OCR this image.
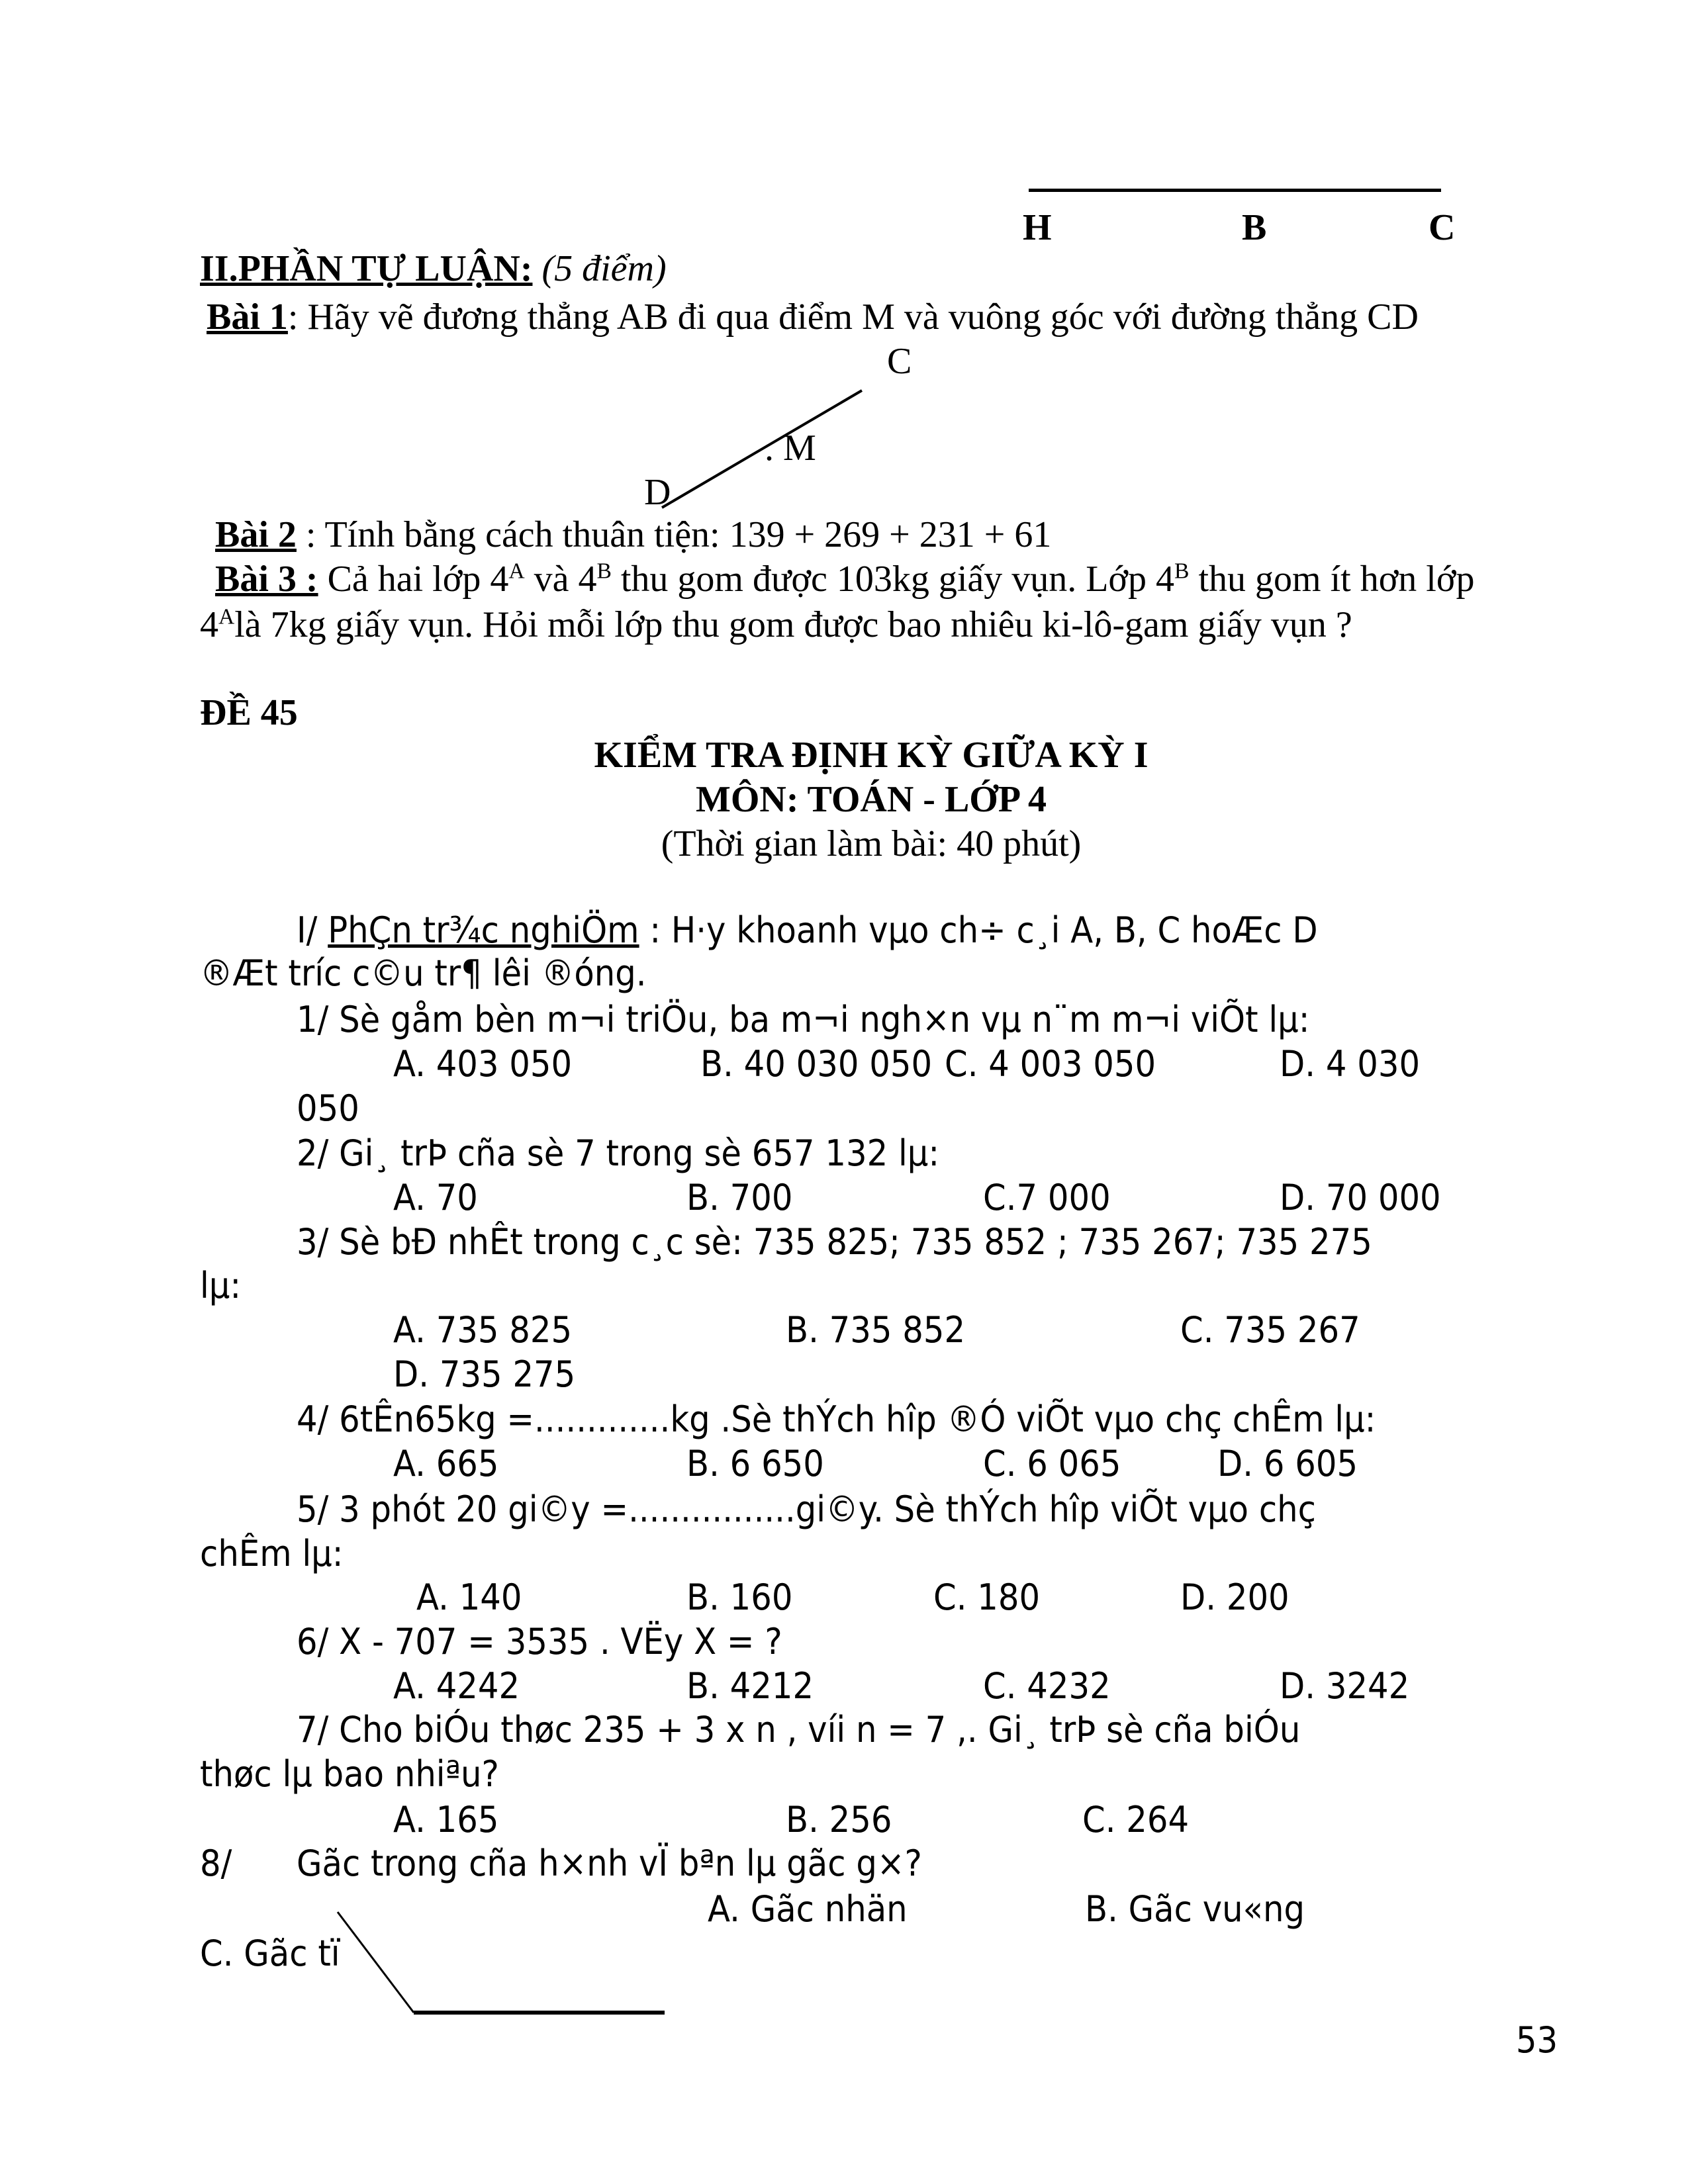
H	B	C
II.PHẦN TỰ LUẬN: (5 điểm)
Bài 1: Hãy vẽ đương thẳng AB đi qua điểm M và vuông góc với đường thẳng CD
C
. M
D
Bài 2 : Tính bằng cách thuân tiện: 139 + 269 + 231 + 61
Bài 3 : Cả hai lớp $4^A$ và $4^B$ thu gom được 103kg giấy vụn. Lớp $4^B$ thu gom ít hơn lớp
$4^Alà$ 7kg giấy vụn. Hỏi mỗi lớp thu gom được bao nhiêu ki-lô-gam giấy vụn ?
ĐỀ 45
KIỂM TRA ĐỊNH KỲ GIỮA KỲ I
MÔN: TOÁN - LỚP 4
(Thời gian làm bài: 40 phút)
I/ PhÇn tr¾c nghiÖm : H·y khoanh vµo ch÷ c¸i A, B, C hoÆc D
®Æt tríc c©u tr¶ lêi ®óng.
1/ Sè gåm bèn m¬i triÖu, ba m¬i ngh×n vµ n¨m m¬i viÕt lµ:
A. 403 050	B. 40 030 050 C. 4 003 050	D. 4 030
050
2/ Gi¸ trÞ cña sè 7 trong sè 657 132 lµ:
A. 70	B. 700	C.7 000	D. 70 000
3/ Sè bÐ nhÊt trong c¸c sè: 735 825; 735 852 ; 735 267; 735 275
lµ:
A. 735 825	B. 735 852	C. 735 267
D. 735 275
4/ 6tÊn65kg =.............kg .Sè thÝch hîp ®Ó viÕt vµo chç chÊm lµ:
A. 665	B. 6 650	C. 6 065	D. 6 605
5/ 3 phót 20 gi©y =................gi©y. Sè thÝch hîp viÕt vµo chç
chÊm lµ:
A. 140	B. 160	C. 180	D. 200
6/ X - 707 = 3535 . VËy X = ?
A. 4242	B. 4212	C. 4232	D. 3242
7/ Cho biÓu thøc 235 + 3 x n , víi n = 7 ,. Gi¸ trÞ sè cña biÓu
thøc lµ bao nhiªu?
A. 165	B. 256	C. 264
8/ Gãc trong cña h×nh vÏ bªn lµ gãc g×?
A. Gãc nhän	B. Gãc vu«ng
C. Gãc tï
53
